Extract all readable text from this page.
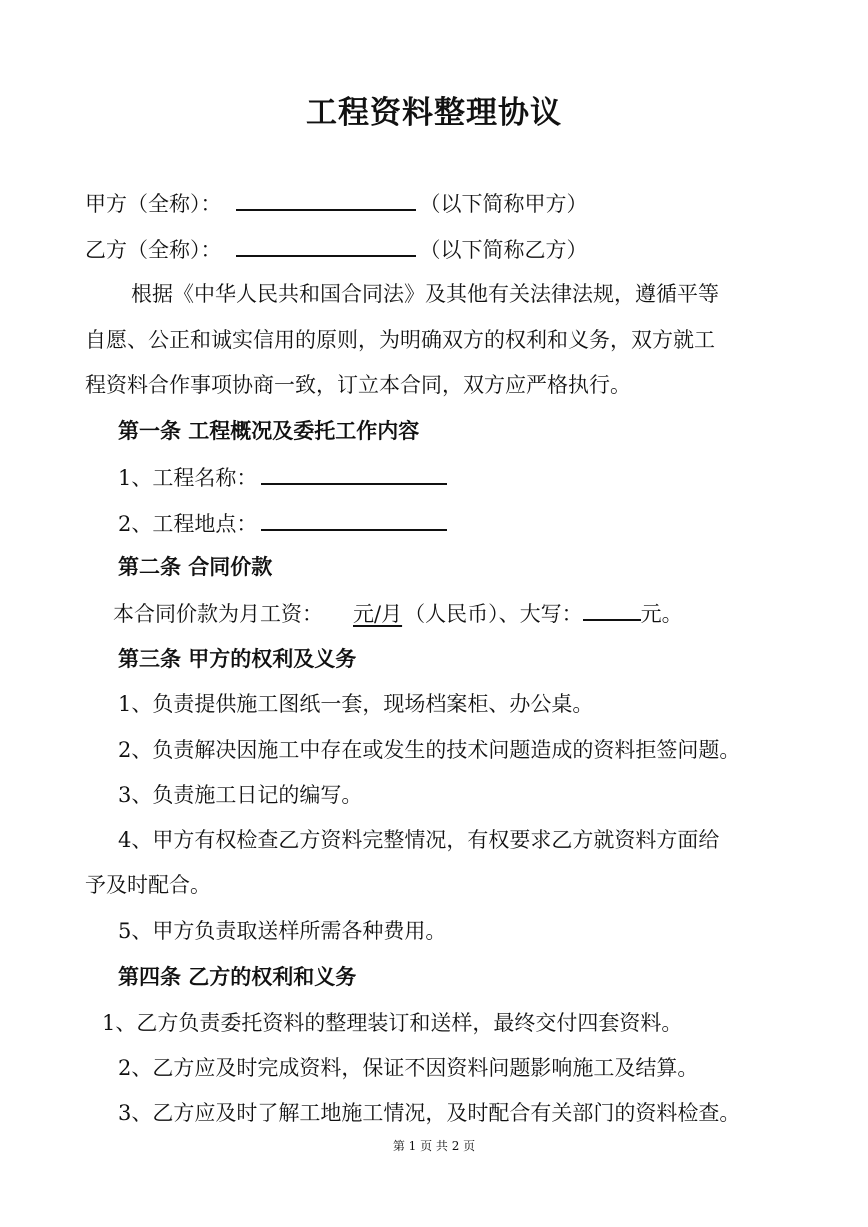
工程资料整理协议
甲方（全称）：	（以下简称甲方）
乙方（全称）：	（以下简称乙方）
根据《中华人民共和国合同法》及其他有关法律法规，遵循平等
自愿、公正和诚实信用的原则，为明确双方的权利和义务，双方就工
程资料合作事项协商一致，订立本合同，双方应严格执行。
第一条 工程概况及委托工作内容
1、工程名称：
2、工程地点：
第二条 合同价款
本合同价款为月工资： 元/月（人民币）、大写：	元。
第三条 甲方的权利及义务
1、负责提供施工图纸一套，现场档案柜、办公桌。
2、负责解决因施工中存在或发生的技术问题造成的资料拒签问题。
3、负责施工日记的编写。
4、甲方有权检查乙方资料完整情况，有权要求乙方就资料方面给
予及时配合。
5、甲方负责取送样所需各种费用。
第四条 乙方的权利和义务
1、乙方负责委托资料的整理装订和送样，最终交付四套资料。
2、乙方应及时完成资料，保证不因资料问题影响施工及结算。
3、乙方应及时了解工地施工情况，及时配合有关部门的资料检查。
第 1 页 共 2 页
